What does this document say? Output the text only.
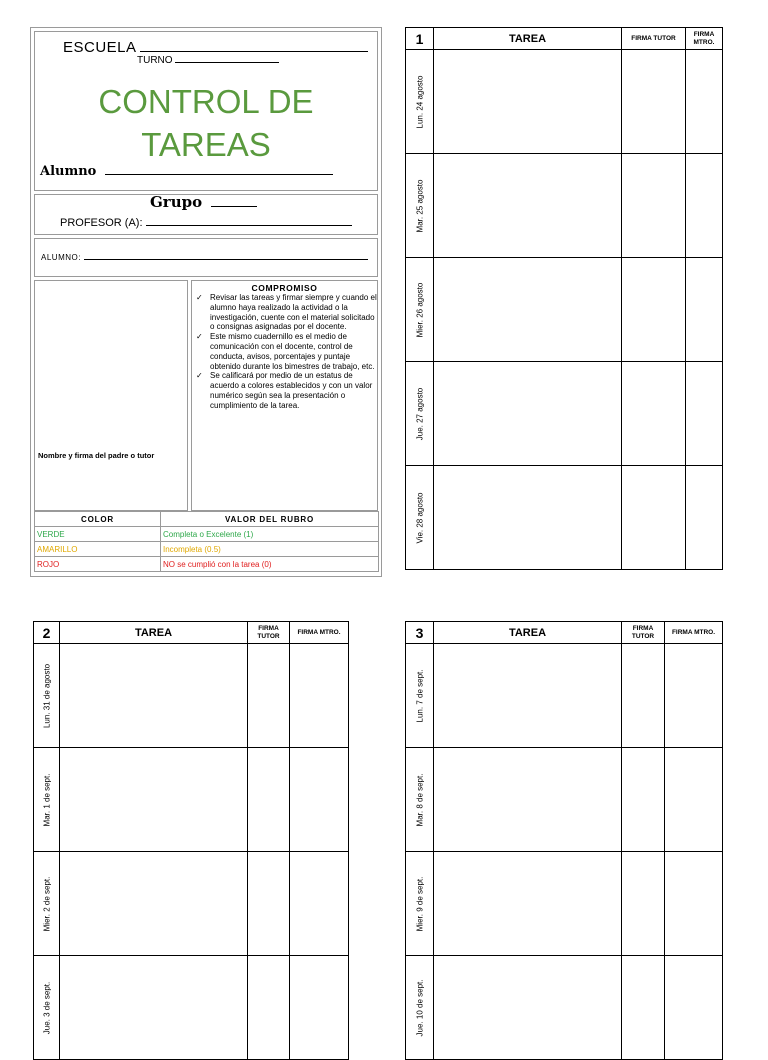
ESCUELA
TURNO
CONTROL DE
TAREAS
Alumno
Grupo
PROFESOR (A):
ALUMNO:
Nombre y firma del padre o tutor
COMPROMISO
✓ Revisar las tareas y firmar siempre y cuando el alumno haya realizado la actividad o la investigación, cuente con el material solicitado o consignas asignadas por el docente.
✓ Este mismo cuadernillo es el medio de comunicación con el docente, control de conducta, avisos, porcentajes y puntaje obtenido durante los bimestres de trabajo, etc.
✓ Se calificará por medio de un estatus de acuerdo a colores establecidos y con un valor numérico según sea la presentación o cumplimiento de la tarea.
COLOR	VALOR DEL RUBRO
VERDE	Completa o Excelente (1)
AMARILLO	Incompleta (0.5)
ROJO	NO se cumplió con la tarea (0)
1	TAREA	FIRMA TUTOR	FIRMA MTRO.

Lun. 24 agosto			

Mar. 25 agosto			

Mier. 26 agosto			

Jue. 27 agosto			

Vie. 28 agosto			

2	TAREA	FIRMA TUTOR	FIRMA MTRO.

Lun. 31 de agosto			

Mar. 1 de sept.			

Mier. 2 de sept.			

Jue. 3 de sept.			

3	TAREA	FIRMA TUTOR	FIRMA MTRO.

Lun. 7 de sept.			

Mar. 8 de sept.			

Mier. 9 de sept.			

Jue. 10 de sept.			
